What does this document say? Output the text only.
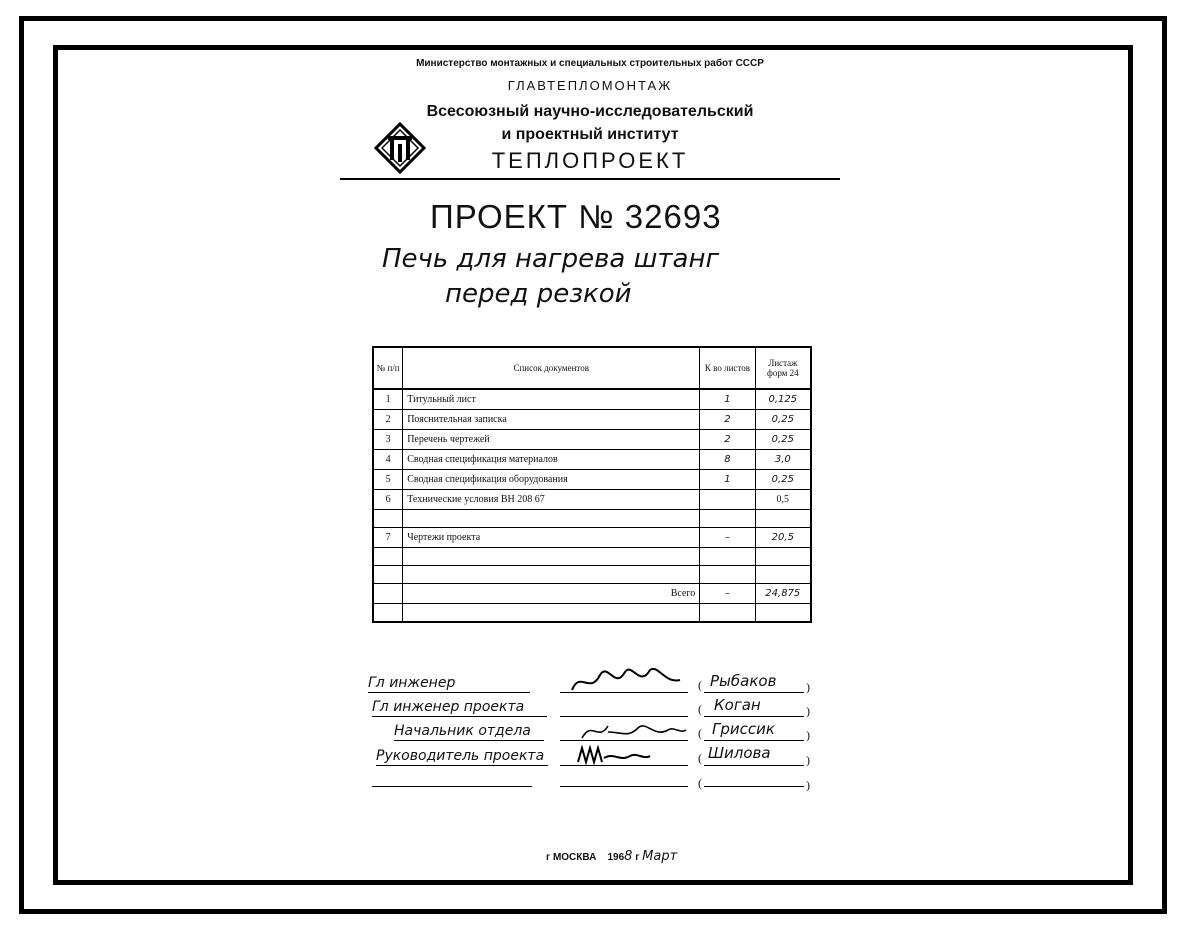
Министерство монтажных и специальных строительных работ СССР
ГЛАВТЕПЛОМОНТАЖ
Всесоюзный научно-исследовательский
и проектный институт
ТЕПЛОПРОЕКТ
ПРОЕКТ № 32693
Печь для нагрева штанг
перед резкой
№ п/п	Список документов	К во листов	Листаж форм 24
1	Титульный лист	1	0,125
2	Пояснительная записка	2	0,25
3	Перечень чертежей	2	0,25
4	Сводная спецификация материалов	8	3,0
5	Сводная спецификация оборудования	1	0,25
6	Технические условия ВН 208 67		0,5

7	Чертежи проекта	–	20,5

	Всего	–	24,875

Гл инженер	( Рыбаков )
Гл инженер проекта	( Коган	)
Начальник отдела	( Гриссик	)
Руководитель проекта	( Шилова	)
(	)
г МОСКВА 1968 г Март
